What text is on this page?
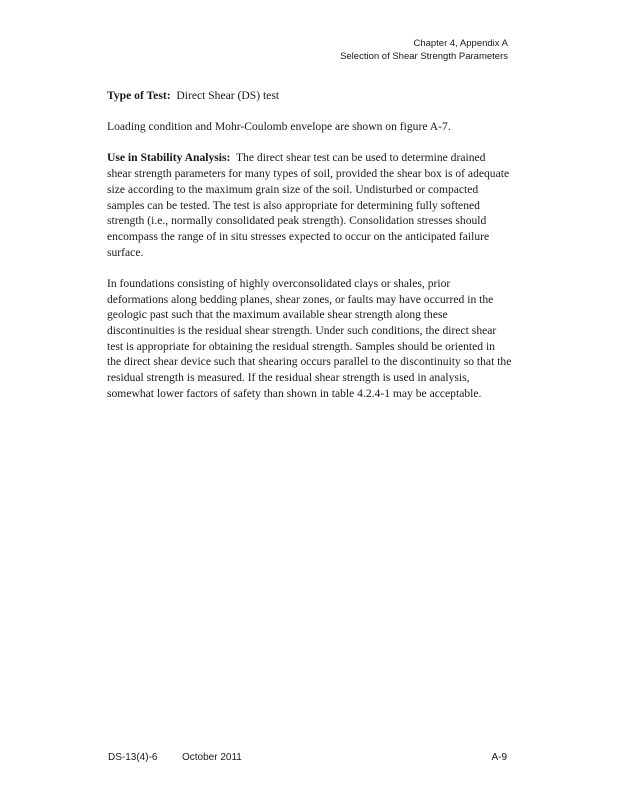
Chapter 4, Appendix A
Selection of Shear Strength Parameters

Type of Test: Direct Shear (DS) test

Loading condition and Mohr-Coulomb envelope are shown on figure A-7.

Use in Stability Analysis: The direct shear test can be used to determine drained shear strength parameters for many types of soil, provided the shear box is of adequate size according to the maximum grain size of the soil. Undisturbed or compacted samples can be tested. The test is also appropriate for determining fully softened strength (i.e., normally consolidated peak strength). Consolidation stresses should encompass the range of in situ stresses expected to occur on the anticipated failure surface.

In foundations consisting of highly overconsolidated clays or shales, prior deformations along bedding planes, shear zones, or faults may have occurred in the geologic past such that the maximum available shear strength along these discontinuities is the residual shear strength. Under such conditions, the direct shear test is appropriate for obtaining the residual strength. Samples should be oriented in the direct shear device such that shearing occurs parallel to the discontinuity so that the residual strength is measured. If the residual shear strength is used in analysis, somewhat lower factors of safety than shown in table 4.2.4-1 may be acceptable.

DS-13(4)-6 October 2011	A-9
